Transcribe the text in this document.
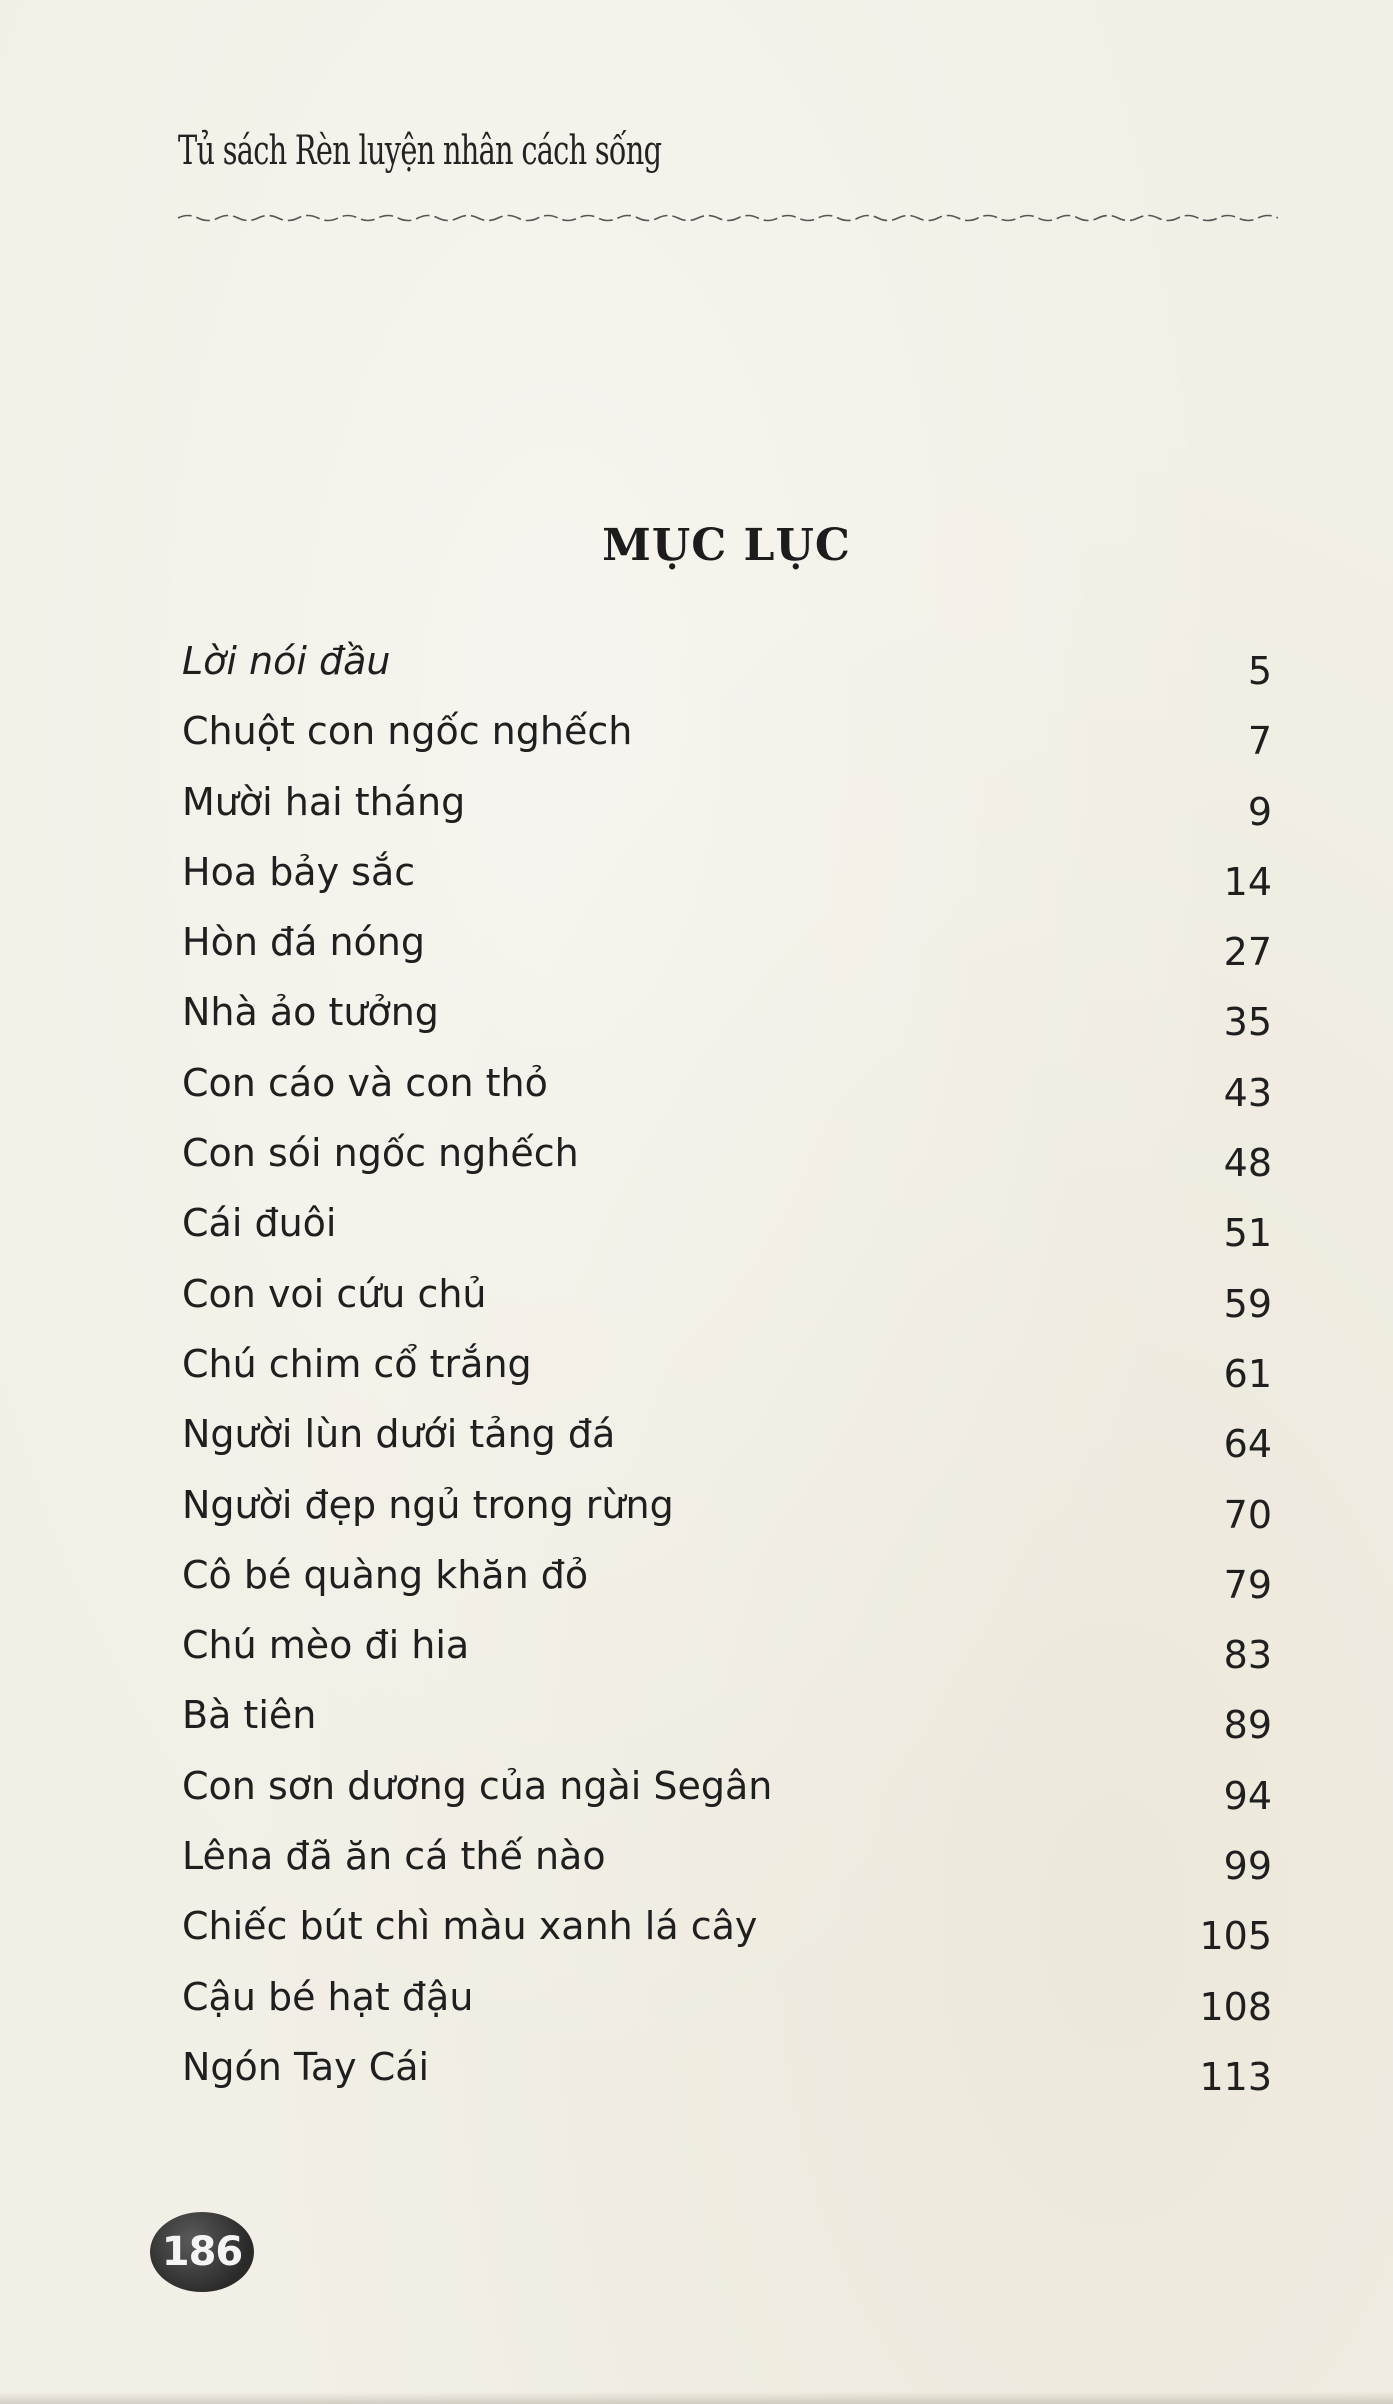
Tủ sách Rèn luyện nhân cách sống
MỤC LỤC
Lời nói đầu	5
Chuột con ngốc nghếch	7
Mười hai tháng	9
Hoa bảy sắc	14
Hòn đá nóng	27
Nhà ảo tưởng	35
Con cáo và con thỏ	43
Con sói ngốc nghếch	48
Cái đuôi	51
Con voi cứu chủ	59
Chú chim cổ trắng	61
Người lùn dưới tảng đá	64
Người đẹp ngủ trong rừng	70
Cô bé quàng khăn đỏ	79
Chú mèo đi hia	83
Bà tiên	89
Con sơn dương của ngài Segân	94
Lêna đã ăn cá thế nào	99
Chiếc bút chì màu xanh lá cây	105
Cậu bé hạt đậu	108
Ngón Tay Cái	113
186
